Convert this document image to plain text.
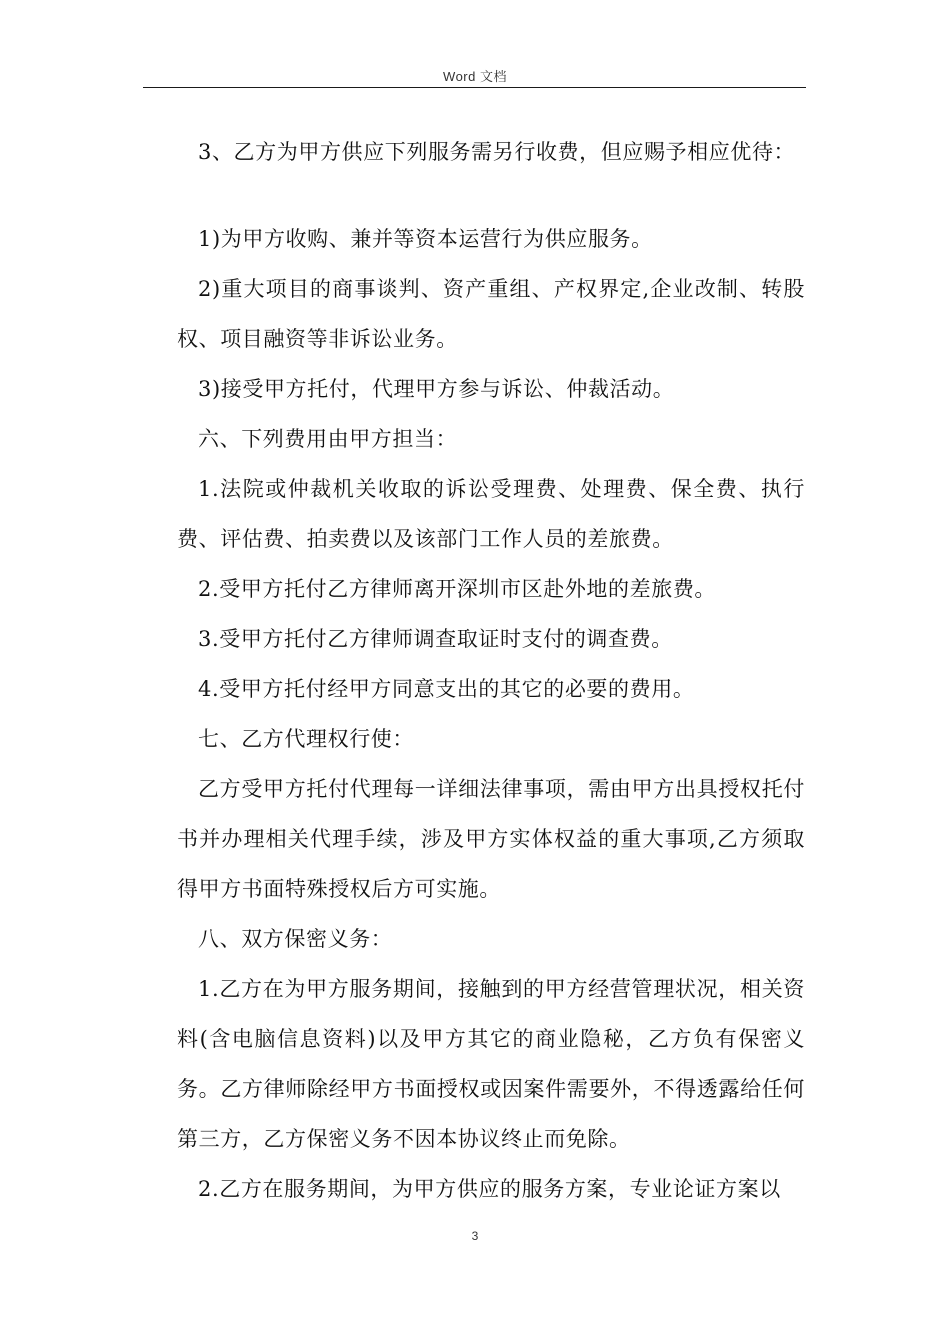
Word 文档

3、乙方为甲方供应下列服务需另行收费，但应赐予相应优待：

1)为甲方收购、兼并等资本运营行为供应服务。

2)重大项目的商事谈判、资产重组、产权界定,企业改制、转股权、项目融资等非诉讼业务。

3)接受甲方托付，代理甲方参与诉讼、仲裁活动。

六、下列费用由甲方担当：

1.法院或仲裁机关收取的诉讼受理费、处理费、保全费、执行费、评估费、拍卖费以及该部门工作人员的差旅费。

2.受甲方托付乙方律师离开深圳市区赴外地的差旅费。

3.受甲方托付乙方律师调查取证时支付的调查费。

4.受甲方托付经甲方同意支出的其它的必要的费用。

七、乙方代理权行使：

乙方受甲方托付代理每一详细法律事项，需由甲方出具授权托付书并办理相关代理手续，涉及甲方实体权益的重大事项,乙方须取得甲方书面特殊授权后方可实施。

八、双方保密义务：

1.乙方在为甲方服务期间，接触到的甲方经营管理状况，相关资料(含电脑信息资料)以及甲方其它的商业隐秘，乙方负有保密义务。乙方律师除经甲方书面授权或因案件需要外，不得透露给任何第三方，乙方保密义务不因本协议终止而免除。

2.乙方在服务期间，为甲方供应的服务方案，专业论证方案以

3
